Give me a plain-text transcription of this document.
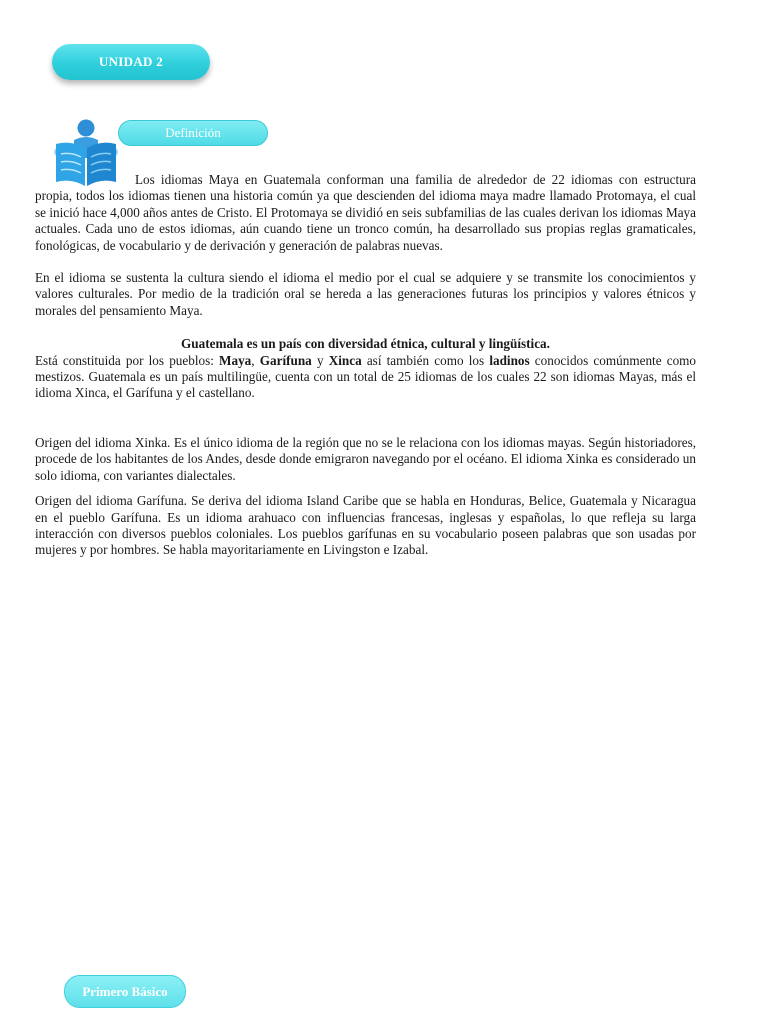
UNIDAD 2
Definición

Los idiomas Maya en Guatemala conforman una familia de alrededor de 22 idiomas con estructura propia, todos los idiomas tienen una historia común ya que descienden del idioma maya madre llamado Protomaya, el cual se inició hace 4,000 años antes de Cristo. El Protomaya se dividió en seis subfamilias de las cuales derivan los idiomas Maya actuales. Cada uno de estos idiomas, aún cuando tiene un tronco común, ha desarrollado sus propias reglas gramaticales, fonológicas, de vocabulario y de derivación y generación de palabras nuevas.

En el idioma se sustenta la cultura siendo el idioma el medio por el cual se adquiere y se transmite los conocimientos y valores culturales. Por medio de la tradición oral se hereda a las generaciones futuras los principios y valores étnicos y morales del pensamiento Maya.

Guatemala es un país con diversidad étnica, cultural y lingüística.

Está constituida por los pueblos: Maya, Garífuna y Xinca así también como los ladinos conocidos comúnmente como mestizos. Guatemala es un país multilingüe, cuenta con un total de 25 idiomas de los cuales 22 son idiomas Mayas, más el idioma Xinca, el Garífuna y el castellano.

Origen del idioma Xinka. Es el único idioma de la región que no se le relaciona con los idiomas mayas. Según historiadores, procede de los habitantes de los Andes, desde donde emigraron navegando por el océano. El idioma Xinka es considerado un solo idioma, con variantes dialectales.

Origen del idioma Garífuna. Se deriva del idioma Island Caribe que se habla en Honduras, Belice, Guatemala y Nicaragua en el pueblo Garífuna. Es un idioma arahuaco con influencias francesas, inglesas y españolas, lo que refleja su larga interacción con diversos pueblos coloniales. Los pueblos garífunas en su vocabulario poseen palabras que son usadas por mujeres y por hombres. Se habla mayoritariamente en Livingston e Izabal.

Primero Básico
